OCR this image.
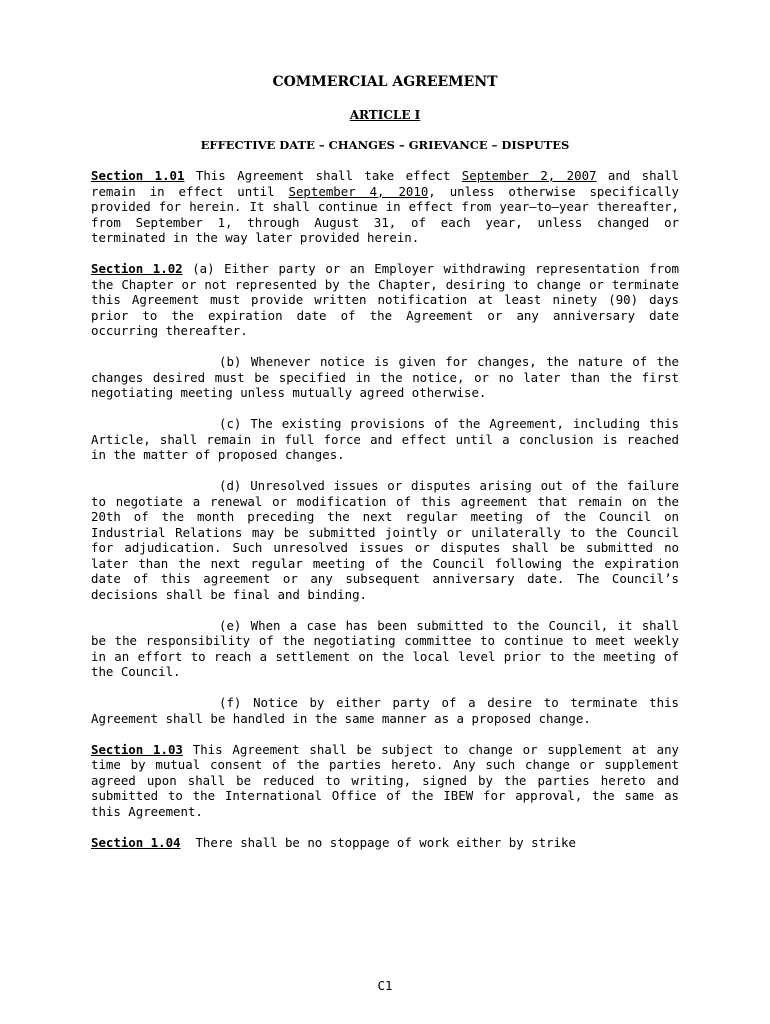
COMMERCIAL AGREEMENT
ARTICLE I
EFFECTIVE DATE – CHANGES – GRIEVANCE – DISPUTES

Section 1.01 This Agreement shall take effect September 2, 2007 and shall remain in effect until September 4, 2010, unless otherwise specifically provided for herein. It shall continue in effect from year–to–year thereafter, from September 1, through August 31, of each year, unless changed or terminated in the way later provided herein.

Section 1.02 (a) Either party or an Employer withdrawing representation from the Chapter or not represented by the Chapter, desiring to change or terminate this Agreement must provide written notification at least ninety (90) days prior to the expiration date of the Agreement or any anniversary date occurring thereafter.

(b) Whenever notice is given for changes, the nature of the changes desired must be specified in the notice, or no later than the first negotiating meeting unless mutually agreed otherwise.

(c) The existing provisions of the Agreement, including this Article, shall remain in full force and effect until a conclusion is reached in the matter of proposed changes.

(d) Unresolved issues or disputes arising out of the failure to negotiate a renewal or modification of this agreement that remain on the 20th of the month preceding the next regular meeting of the Council on Industrial Relations may be submitted jointly or unilaterally to the Council for adjudication. Such unresolved issues or disputes shall be submitted no later than the next regular meeting of the Council following the expiration date of this agreement or any subsequent anniversary date. The Council’s decisions shall be final and binding.

(e) When a case has been submitted to the Council, it shall be the responsibility of the negotiating committee to continue to meet weekly in an effort to reach a settlement on the local level prior to the meeting of the Council.

(f) Notice by either party of a desire to terminate this Agreement shall be handled in the same manner as a proposed change.

Section 1.03 This Agreement shall be subject to change or supplement at any time by mutual consent of the parties hereto. Any such change or supplement agreed upon shall be reduced to writing, signed by the parties hereto and submitted to the International Office of the IBEW for approval, the same as this Agreement.

Section 1.04 There shall be no stoppage of work either by strike

C1
